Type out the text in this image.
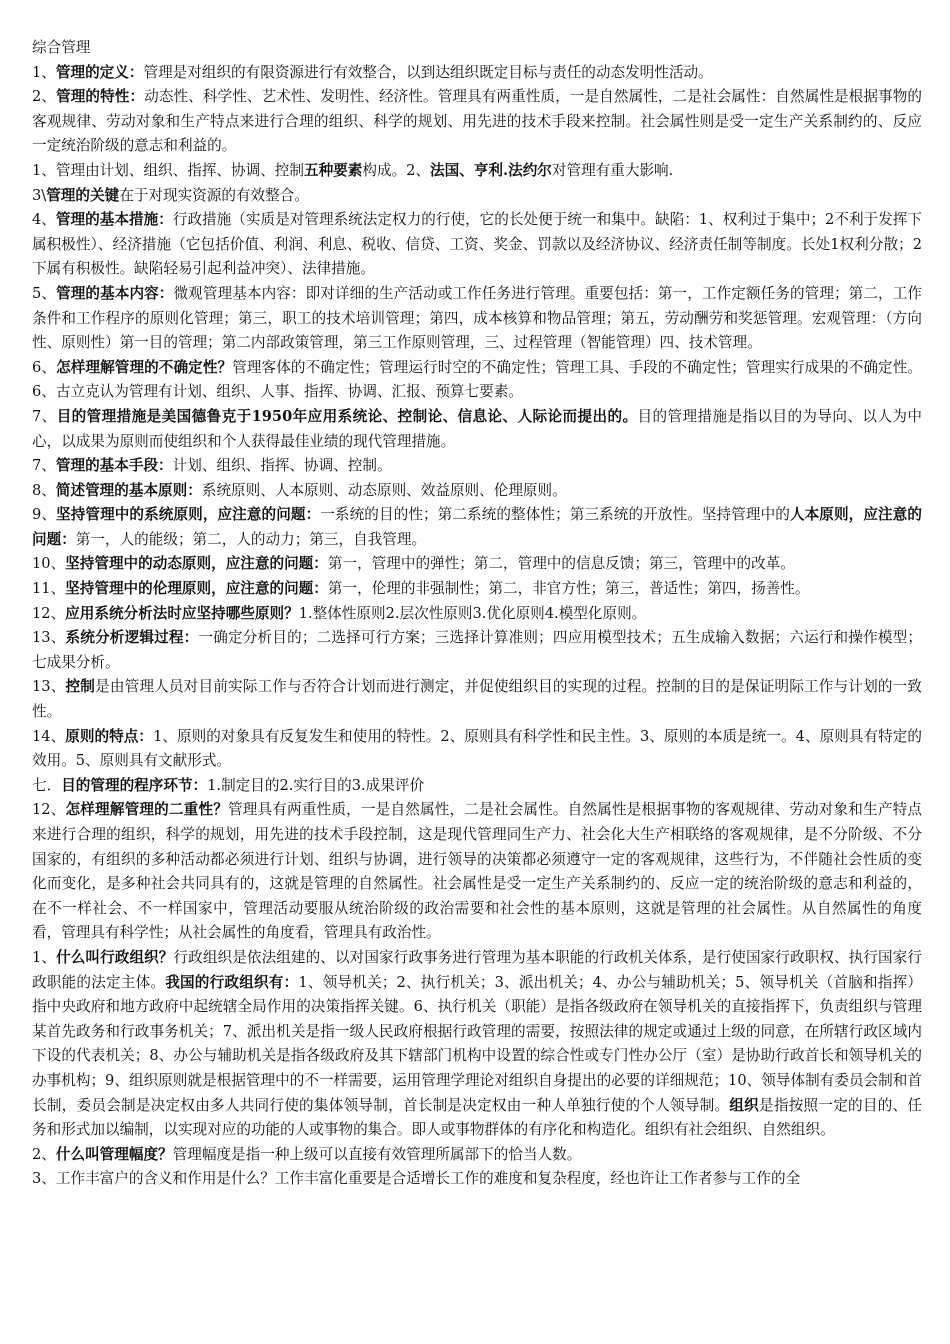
综合管理

1、管理的定义：管理是对组织的有限资源进行有效整合，以到达组织既定目标与责任的动态发明性活动。

2、管理的特性：动态性、科学性、艺术性、发明性、经济性。管理具有两重性质，一是自然属性，二是社会属性：自然属性是根据事物的客观规律、劳动对象和生产特点来进行合理的组织、科学的规划、用先进的技术手段来控制。社会属性则是受一定生产关系制约的、反应一定统治阶级的意志和利益的。

1、管理由计划、组织、指挥、协调、控制五种要素构成。2、法国、亨利.法约尔对管理有重大影响.

3\管理的关键在于对现实资源的有效整合。

4、管理的基本措施：行政措施（实质是对管理系统法定权力的行使，它的长处便于统一和集中。缺陷：1、权利过于集中；2不利于发挥下属积极性）、经济措施（它包括价值、利润、利息、税收、信贷、工资、奖金、罚款以及经济协议、经济责任制等制度。长处1权利分散；2下属有积极性。缺陷轻易引起利益冲突）、法律措施。

5、管理的基本内容：微观管理基本内容：即对详细的生产活动或工作任务进行管理。重要包括：第一，工作定额任务的管理；第二，工作条件和工作程序的原则化管理；第三，职工的技术培训管理；第四，成本核算和物品管理；第五，劳动酬劳和奖惩管理。宏观管理：（方向性、原则性）第一目的管理；第二内部政策管理，第三工作原则管理，三、过程管理（智能管理）四、技术管理。

6、怎样理解管理的不确定性？管理客体的不确定性；管理运行时空的不确定性；管理工具、手段的不确定性；管理实行成果的不确定性。6、古立克认为管理有计划、组织、人事、指挥、协调、汇报、预算七要素。

7、目的管理措施是美国德鲁克于1950年应用系统论、控制论、信息论、人际论而提出的。目的管理措施是指以目的为导向、以人为中心，以成果为原则而使组织和个人获得最佳业绩的现代管理措施。

7、管理的基本手段：计划、组织、指挥、协调、控制。

8、简述管理的基本原则：系统原则、人本原则、动态原则、效益原则、伦理原则。

9、坚持管理中的系统原则，应注意的问题：一系统的目的性；第二系统的整体性；第三系统的开放性。坚持管理中的人本原则，应注意的问题：第一，人的能级；第二，人的动力；第三，自我管理。

10、坚持管理中的动态原则，应注意的问题：第一，管理中的弹性；第二，管理中的信息反馈；第三，管理中的改革。

11、坚持管理中的伦理原则，应注意的问题：第一，伦理的非强制性；第二，非官方性；第三，普适性；第四，扬善性。

12、应用系统分析法时应坚持哪些原则？1.整体性原则2.层次性原则3.优化原则4.模型化原则。

13、系统分析逻辑过程：一确定分析目的；二选择可行方案；三选择计算准则；四应用模型技术；五生成输入数据；六运行和操作模型；七成果分析。

13、控制是由管理人员对目前实际工作与否符合计划而进行测定，并促使组织目的实现的过程。控制的目的是保证明际工作与计划的一致性。

14、原则的特点：1、原则的对象具有反复发生和使用的特性。2、原则具有科学性和民主性。3、原则的本质是统一。4、原则具有特定的效用。5、原则具有文献形式。

七．目的管理的程序环节：1.制定目的2.实行目的3.成果评价

12、怎样理解管理的二重性？管理具有两重性质，一是自然属性，二是社会属性。自然属性是根据事物的客观规律、劳动对象和生产特点来进行合理的组织，科学的规划，用先进的技术手段控制，这是现代管理同生产力、社会化大生产相联络的客观规律，是不分阶级、不分国家的，有组织的多种活动都必须进行计划、组织与协调，进行领导的决策都必须遵守一定的客观规律，这些行为，不伴随社会性质的变化而变化，是多种社会共同具有的，这就是管理的自然属性。社会属性是受一定生产关系制约的、反应一定的统治阶级的意志和利益的，在不一样社会、不一样国家中，管理活动要服从统治阶级的政治需要和社会性的基本原则，这就是管理的社会属性。从自然属性的角度看，管理具有科学性；从社会属性的角度看，管理具有政治性。

1、什么叫行政组织？行政组织是依法组建的、以对国家行政事务进行管理为基本职能的行政机关体系，是行使国家行政职权、执行国家行政职能的法定主体。我国的行政组织有：1、领导机关；2、执行机关；3、派出机关；4、办公与辅助机关；5、领导机关（首脑和指挥）指中央政府和地方政府中起统辖全局作用的决策指挥关键。6、执行机关（职能）是指各级政府在领导机关的直接指挥下，负责组织与管理某首先政务和行政事务机关；7、派出机关是指一级人民政府根据行政管理的需要，按照法律的规定或通过上级的同意，在所辖行政区域内下设的代表机关；8、办公与辅助机关是指各级政府及其下辖部门机构中设置的综合性或专门性办公厅（室）是协助行政首长和领导机关的办事机构；9、组织原则就是根据管理中的不一样需要，运用管理学理论对组织自身提出的必要的详细规范；10、领导体制有委员会制和首长制，委员会制是决定权由多人共同行使的集体领导制，首长制是决定权由一种人单独行使的个人领导制。组织是指按照一定的目的、任务和形式加以编制，以实现对应的功能的人或事物的集合。即人或事物群体的有序化和构造化。组织有社会组织、自然组织。

2、什么叫管理幅度？管理幅度是指一种上级可以直接有效管理所属部下的恰当人数。

3、工作丰富户的含义和作用是什么？工作丰富化重要是合适增长工作的难度和复杂程度，经也许让工作者参与工作的全
